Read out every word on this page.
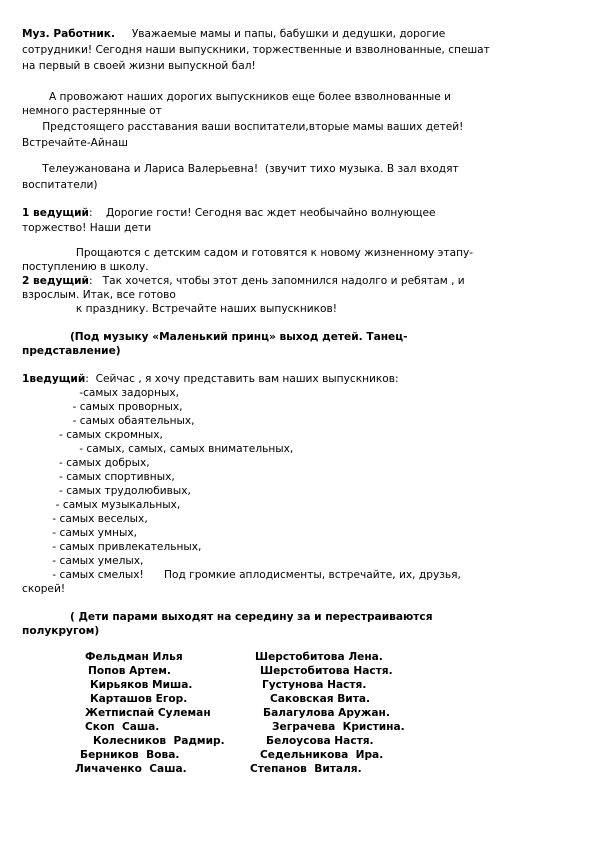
Муз. Работник.     Уважаемые мамы и папы, бабушки и дедушки, дорогие
сотрудники! Сегодня наши выпускники, торжественные и взволнованные, спешат
на первый в своей жизни выпускной бал!
А провожают наших дорогих выпускников еще более взволнованные и
немного растерянные от
Предстоящего расставания ваши воспитатели,вторые мамы ваших детей!
Встречайте-Айнаш
Телеужанована и Лариса Валерьевна!  (звучит тихо музыка. В зал входят
воспитатели)
1 ведущий:    Дорогие гости! Сегодня вас ждет необычайно волнующее
торжество! Наши дети
Прощаются с детским садом и готовятся к новому жизненному этапу-
поступлению в школу.
2 ведущий:   Так хочется, чтобы этот день запомнился надолго и ребятам , и
взрослым. Итак, все готово
к празднику. Встречайте наших выпускников!
(Под музыку «Маленький принц» выход детей. Танец-
представление)
1ведущий:  Сейчас , я хочу представить вам наших выпускников:
-самых задорных,
- самых проворных,
- самых обаятельных,
- самых скромных,
- самых, самых, самых внимательных,
- самых добрых,
- самых спортивных,
- самых трудолюбивых,
- самых музыкальных,
- самых веселых,
- самых умных,
- самых привлекательных,
- самых умелых,
- самых смелых!      Под громкие аплодисменты, встречайте, их, друзья,
скорей!
( Дети парами выходят на середину за и перестраиваются
полукругом)
Фельдман Илья	Шерстобитова Лена.
Попов Артем.	Шерстобитова Настя.
Кирьяков Миша.	Густунова Настя.
Карташов Егор.	Саковская Вита.
Жетписпай Сулеман	Балагулова Аружан.
Скоп  Саша.	Зеграчева  Кристина.
Колесников  Радмир.	Белоусова Настя.
Берников  Вова.	Седельникова  Ира.
Личаченко  Саша.	Степанов  Виталя.
